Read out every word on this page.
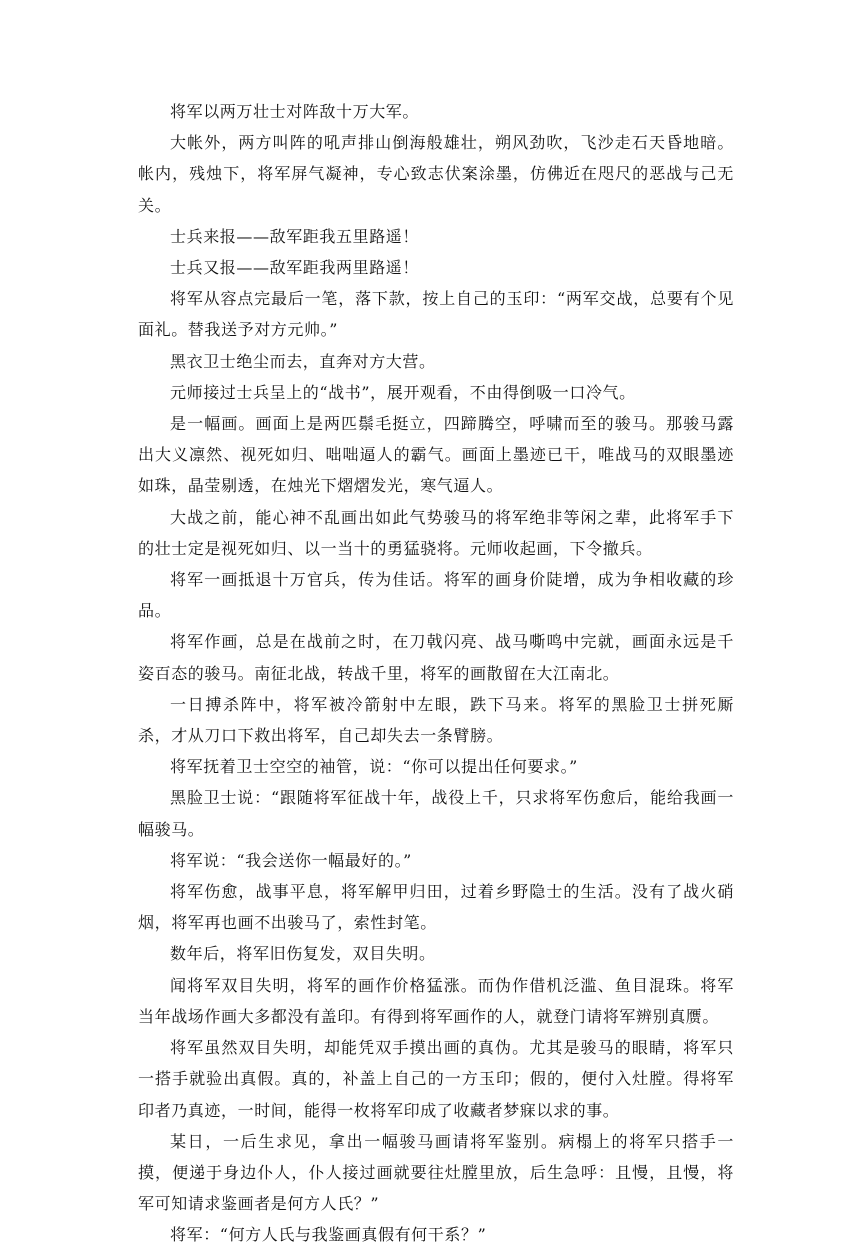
将军以两万壮士对阵敌十万大军。

大帐外，两方叫阵的吼声排山倒海般雄壮，朔风劲吹，飞沙走石天昏地暗。帐内，残烛下，将军屏气凝神，专心致志伏案涂墨，仿佛近在咫尺的恶战与己无关。

士兵来报——敌军距我五里路遥！

士兵又报——敌军距我两里路遥！

将军从容点完最后一笔，落下款，按上自己的玉印：“两军交战，总要有个见面礼。替我送予对方元帅。”

黑衣卫士绝尘而去，直奔对方大营。

元师接过士兵呈上的“战书”，展开观看，不由得倒吸一口冷气。

是一幅画。画面上是两匹鬃毛挺立，四蹄腾空，呼啸而至的骏马。那骏马露出大义凛然、视死如归、咄咄逼人的霸气。画面上墨迹已干，唯战马的双眼墨迹如珠，晶莹剔透，在烛光下熠熠发光，寒气逼人。

大战之前，能心神不乱画出如此气势骏马的将军绝非等闲之辈，此将军手下的壮士定是视死如归、以一当十的勇猛骁将。元师收起画，下令撤兵。

将军一画抵退十万官兵，传为佳话。将军的画身价陡增，成为争相收藏的珍品。

将军作画，总是在战前之时，在刀戟闪亮、战马嘶鸣中完就，画面永远是千姿百态的骏马。南征北战，转战千里，将军的画散留在大江南北。

一日搏杀阵中，将军被冷箭射中左眼，跌下马来。将军的黑脸卫士拼死厮杀，才从刀口下救出将军，自己却失去一条臂膀。

将军抚着卫士空空的袖管，说：“你可以提出任何要求。”

黑脸卫士说：“跟随将军征战十年，战役上千，只求将军伤愈后，能给我画一幅骏马。

将军说：“我会送你一幅最好的。”

将军伤愈，战事平息，将军解甲归田，过着乡野隐士的生活。没有了战火硝烟，将军再也画不出骏马了，索性封笔。

数年后，将军旧伤复发，双目失明。

闻将军双目失明，将军的画作价格猛涨。而伪作借机泛滥、鱼目混珠。将军当年战场作画大多都没有盖印。有得到将军画作的人，就登门请将军辨别真赝。

将军虽然双目失明，却能凭双手摸出画的真伪。尤其是骏马的眼睛，将军只一搭手就验出真假。真的，补盖上自己的一方玉印；假的，便付入灶膛。得将军印者乃真迹，一时间，能得一枚将军印成了收藏者梦寐以求的事。

某日，一后生求见，拿出一幅骏马画请将军鉴别。病榻上的将军只搭手一摸，便递于身边仆人，仆人接过画就要往灶膛里放，后生急呼：且慢，且慢，将军可知请求鉴画者是何方人氏？”

将军：“何方人氏与我鉴画真假有何干系？”
